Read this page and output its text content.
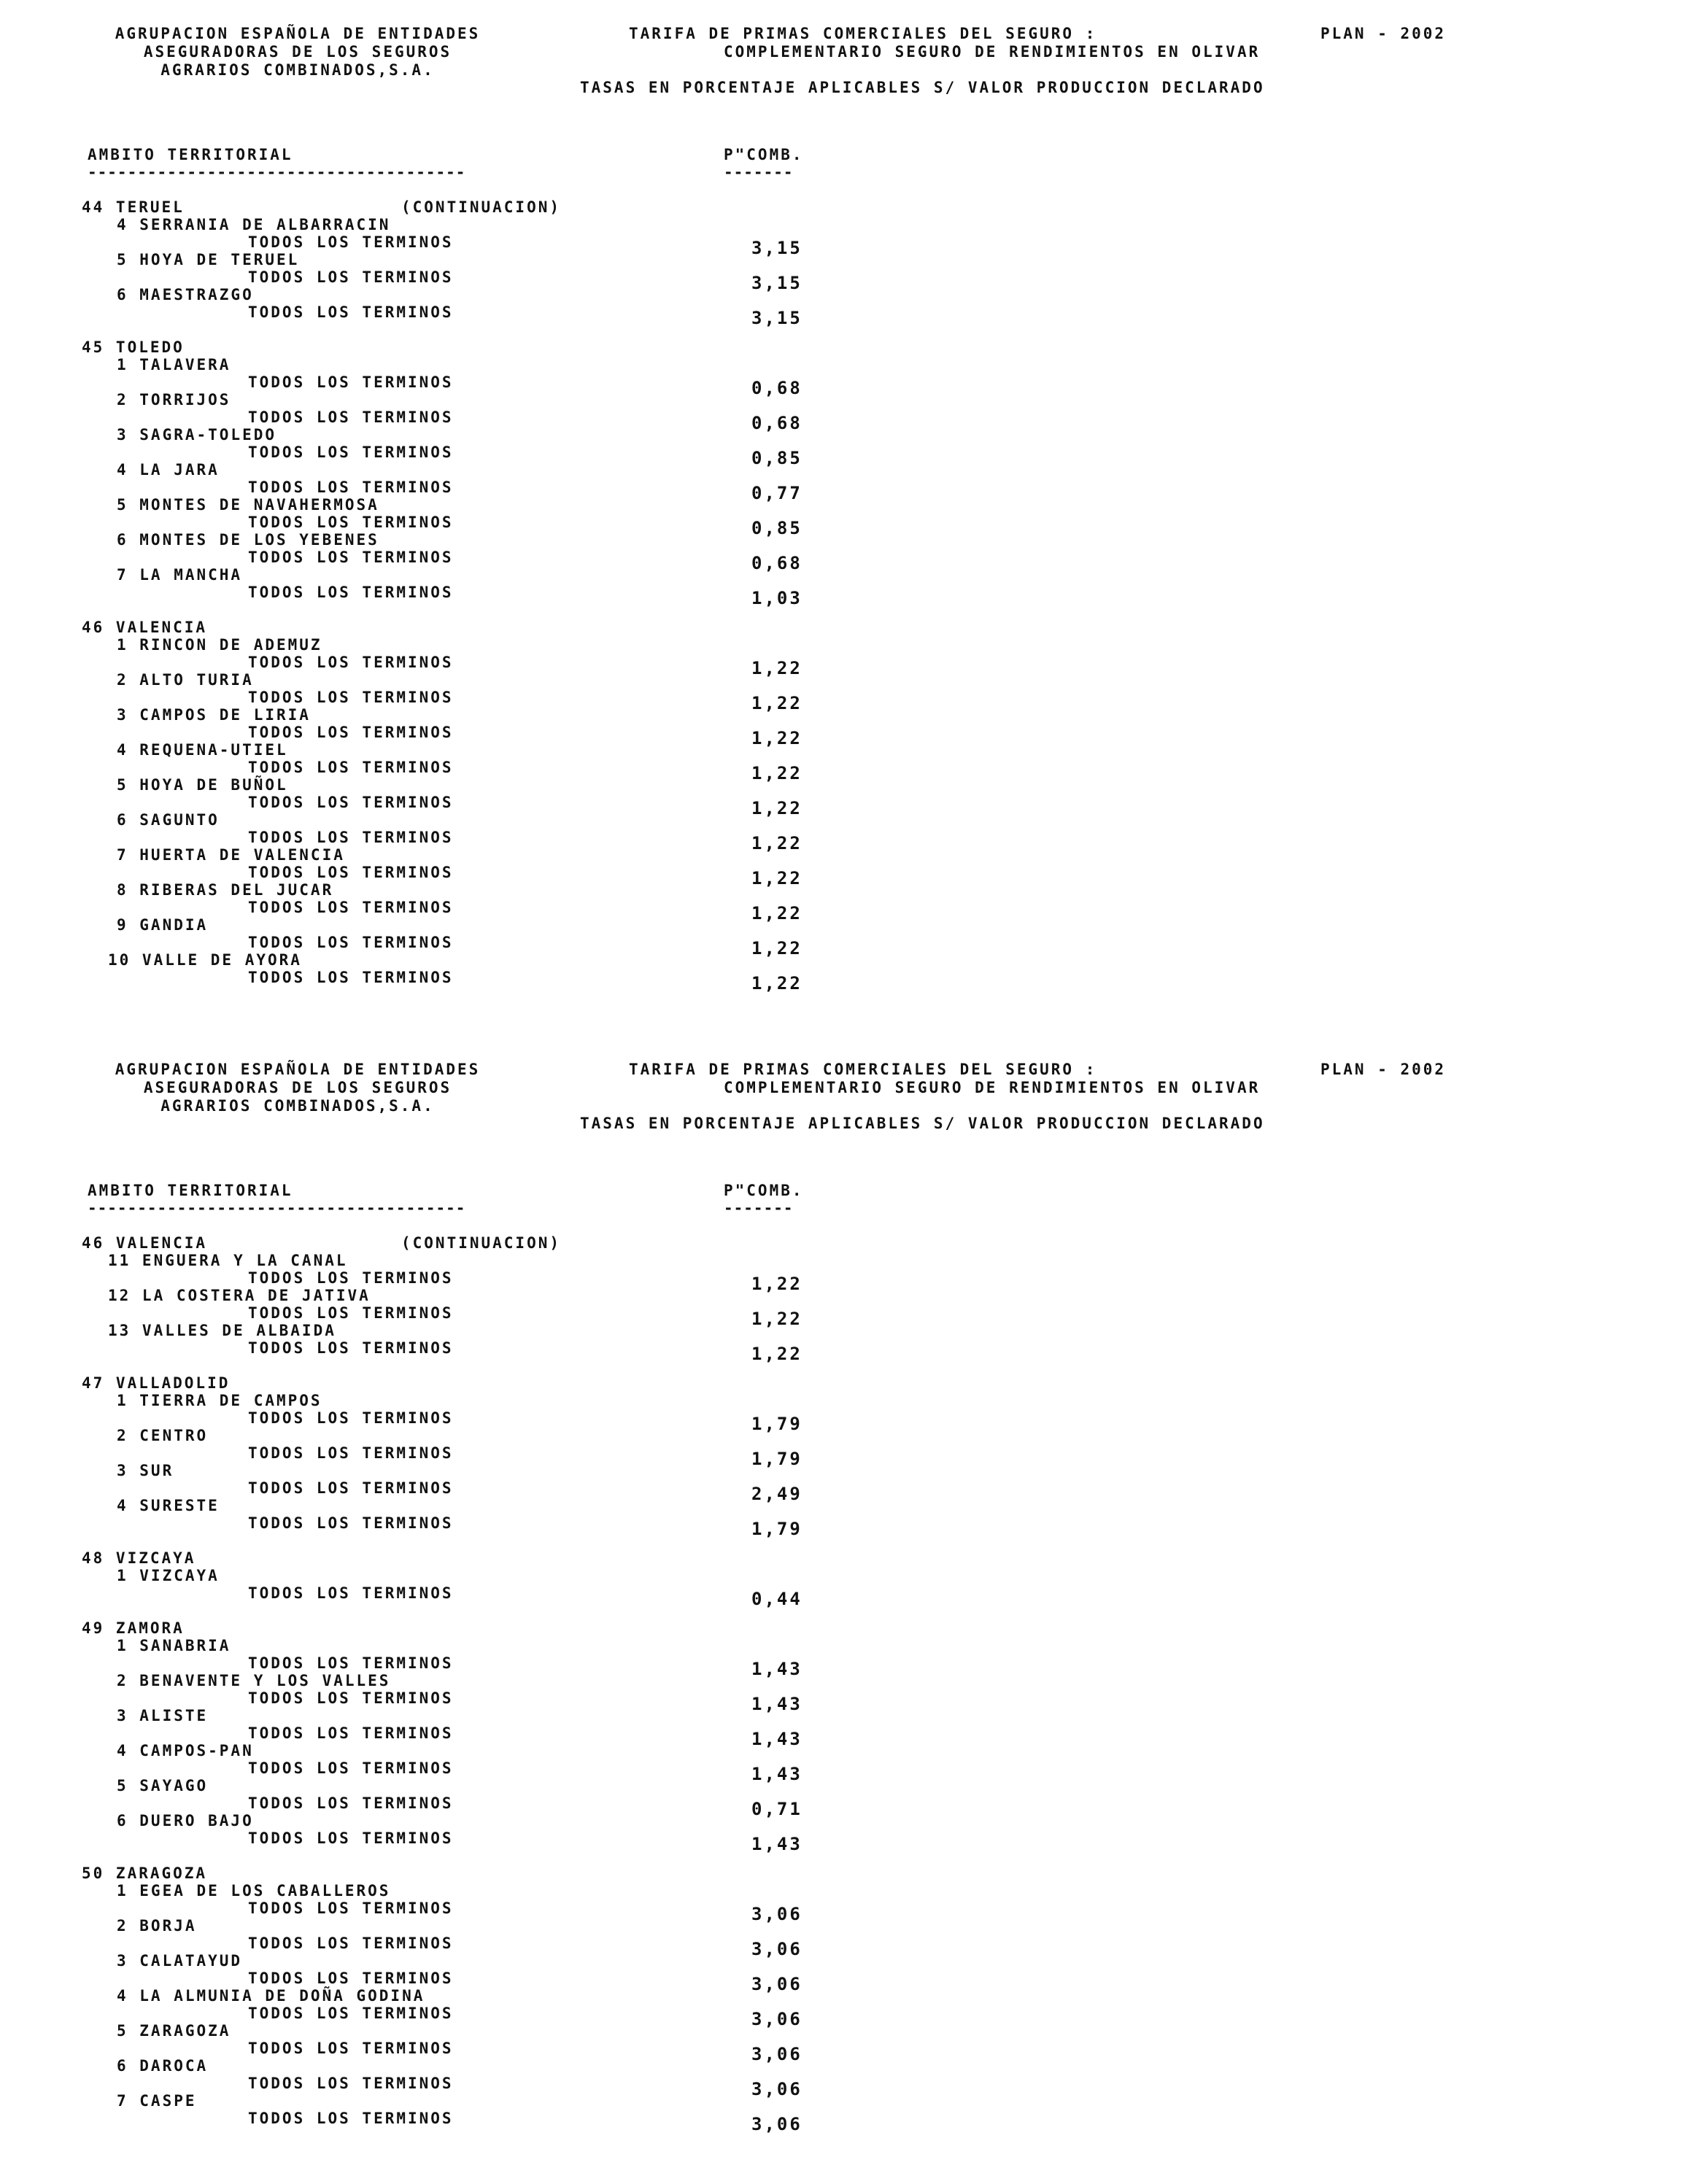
AGRUPACION ESPAÑOLA DE ENTIDADES
ASEGURADORAS DE LOS SEGUROS
AGRARIOS COMBINADOS,S.A.
TARIFA DE PRIMAS COMERCIALES DEL SEGURO :
COMPLEMENTARIO SEGURO DE RENDIMIENTOS EN OLIVAR
PLAN - 2002
TASAS EN PORCENTAJE APLICABLES S/ VALOR PRODUCCION DECLARADO
AMBITO TERRITORIAL
--------------------------------------
P"COMB.
-------
44 TERUEL	(CONTINUACION)
4 SERRANIA DE ALBARRACIN
TODOS LOS TERMINOS	3,15
5 HOYA DE TERUEL
TODOS LOS TERMINOS	3,15
6 MAESTRAZGO
TODOS LOS TERMINOS	3,15
45 TOLEDO
1 TALAVERA
TODOS LOS TERMINOS	0,68
2 TORRIJOS
TODOS LOS TERMINOS	0,68
3 SAGRA-TOLEDO
TODOS LOS TERMINOS	0,85
4 LA JARA
TODOS LOS TERMINOS	0,77
5 MONTES DE NAVAHERMOSA
TODOS LOS TERMINOS	0,85
6 MONTES DE LOS YEBENES
TODOS LOS TERMINOS	0,68
7 LA MANCHA
TODOS LOS TERMINOS	1,03
46 VALENCIA
1 RINCON DE ADEMUZ
TODOS LOS TERMINOS	1,22
2 ALTO TURIA
TODOS LOS TERMINOS	1,22
3 CAMPOS DE LIRIA
TODOS LOS TERMINOS	1,22
4 REQUENA-UTIEL
TODOS LOS TERMINOS	1,22
5 HOYA DE BUÑOL
TODOS LOS TERMINOS	1,22
6 SAGUNTO
TODOS LOS TERMINOS	1,22
7 HUERTA DE VALENCIA
TODOS LOS TERMINOS	1,22
8 RIBERAS DEL JUCAR
TODOS LOS TERMINOS	1,22
9 GANDIA
TODOS LOS TERMINOS	1,22
10 VALLE DE AYORA
TODOS LOS TERMINOS	1,22
AGRUPACION ESPAÑOLA DE ENTIDADES
ASEGURADORAS DE LOS SEGUROS
AGRARIOS COMBINADOS,S.A.
TARIFA DE PRIMAS COMERCIALES DEL SEGURO :
COMPLEMENTARIO SEGURO DE RENDIMIENTOS EN OLIVAR
PLAN - 2002
TASAS EN PORCENTAJE APLICABLES S/ VALOR PRODUCCION DECLARADO
AMBITO TERRITORIAL
--------------------------------------
P"COMB.
-------
46 VALENCIA	(CONTINUACION)
11 ENGUERA Y LA CANAL
TODOS LOS TERMINOS	1,22
12 LA COSTERA DE JATIVA
TODOS LOS TERMINOS	1,22
13 VALLES DE ALBAIDA
TODOS LOS TERMINOS	1,22
47 VALLADOLID
1 TIERRA DE CAMPOS
TODOS LOS TERMINOS	1,79
2 CENTRO
TODOS LOS TERMINOS	1,79
3 SUR
TODOS LOS TERMINOS	2,49
4 SURESTE
TODOS LOS TERMINOS	1,79
48 VIZCAYA
1 VIZCAYA
TODOS LOS TERMINOS	0,44
49 ZAMORA
1 SANABRIA
TODOS LOS TERMINOS	1,43
2 BENAVENTE Y LOS VALLES
TODOS LOS TERMINOS	1,43
3 ALISTE
TODOS LOS TERMINOS	1,43
4 CAMPOS-PAN
TODOS LOS TERMINOS	1,43
5 SAYAGO
TODOS LOS TERMINOS	0,71
6 DUERO BAJO
TODOS LOS TERMINOS	1,43
50 ZARAGOZA
1 EGEA DE LOS CABALLEROS
TODOS LOS TERMINOS	3,06
2 BORJA
TODOS LOS TERMINOS	3,06
3 CALATAYUD
TODOS LOS TERMINOS	3,06
4 LA ALMUNIA DE DOÑA GODINA
TODOS LOS TERMINOS	3,06
5 ZARAGOZA
TODOS LOS TERMINOS	3,06
6 DAROCA
TODOS LOS TERMINOS	3,06
7 CASPE
TODOS LOS TERMINOS	3,06
